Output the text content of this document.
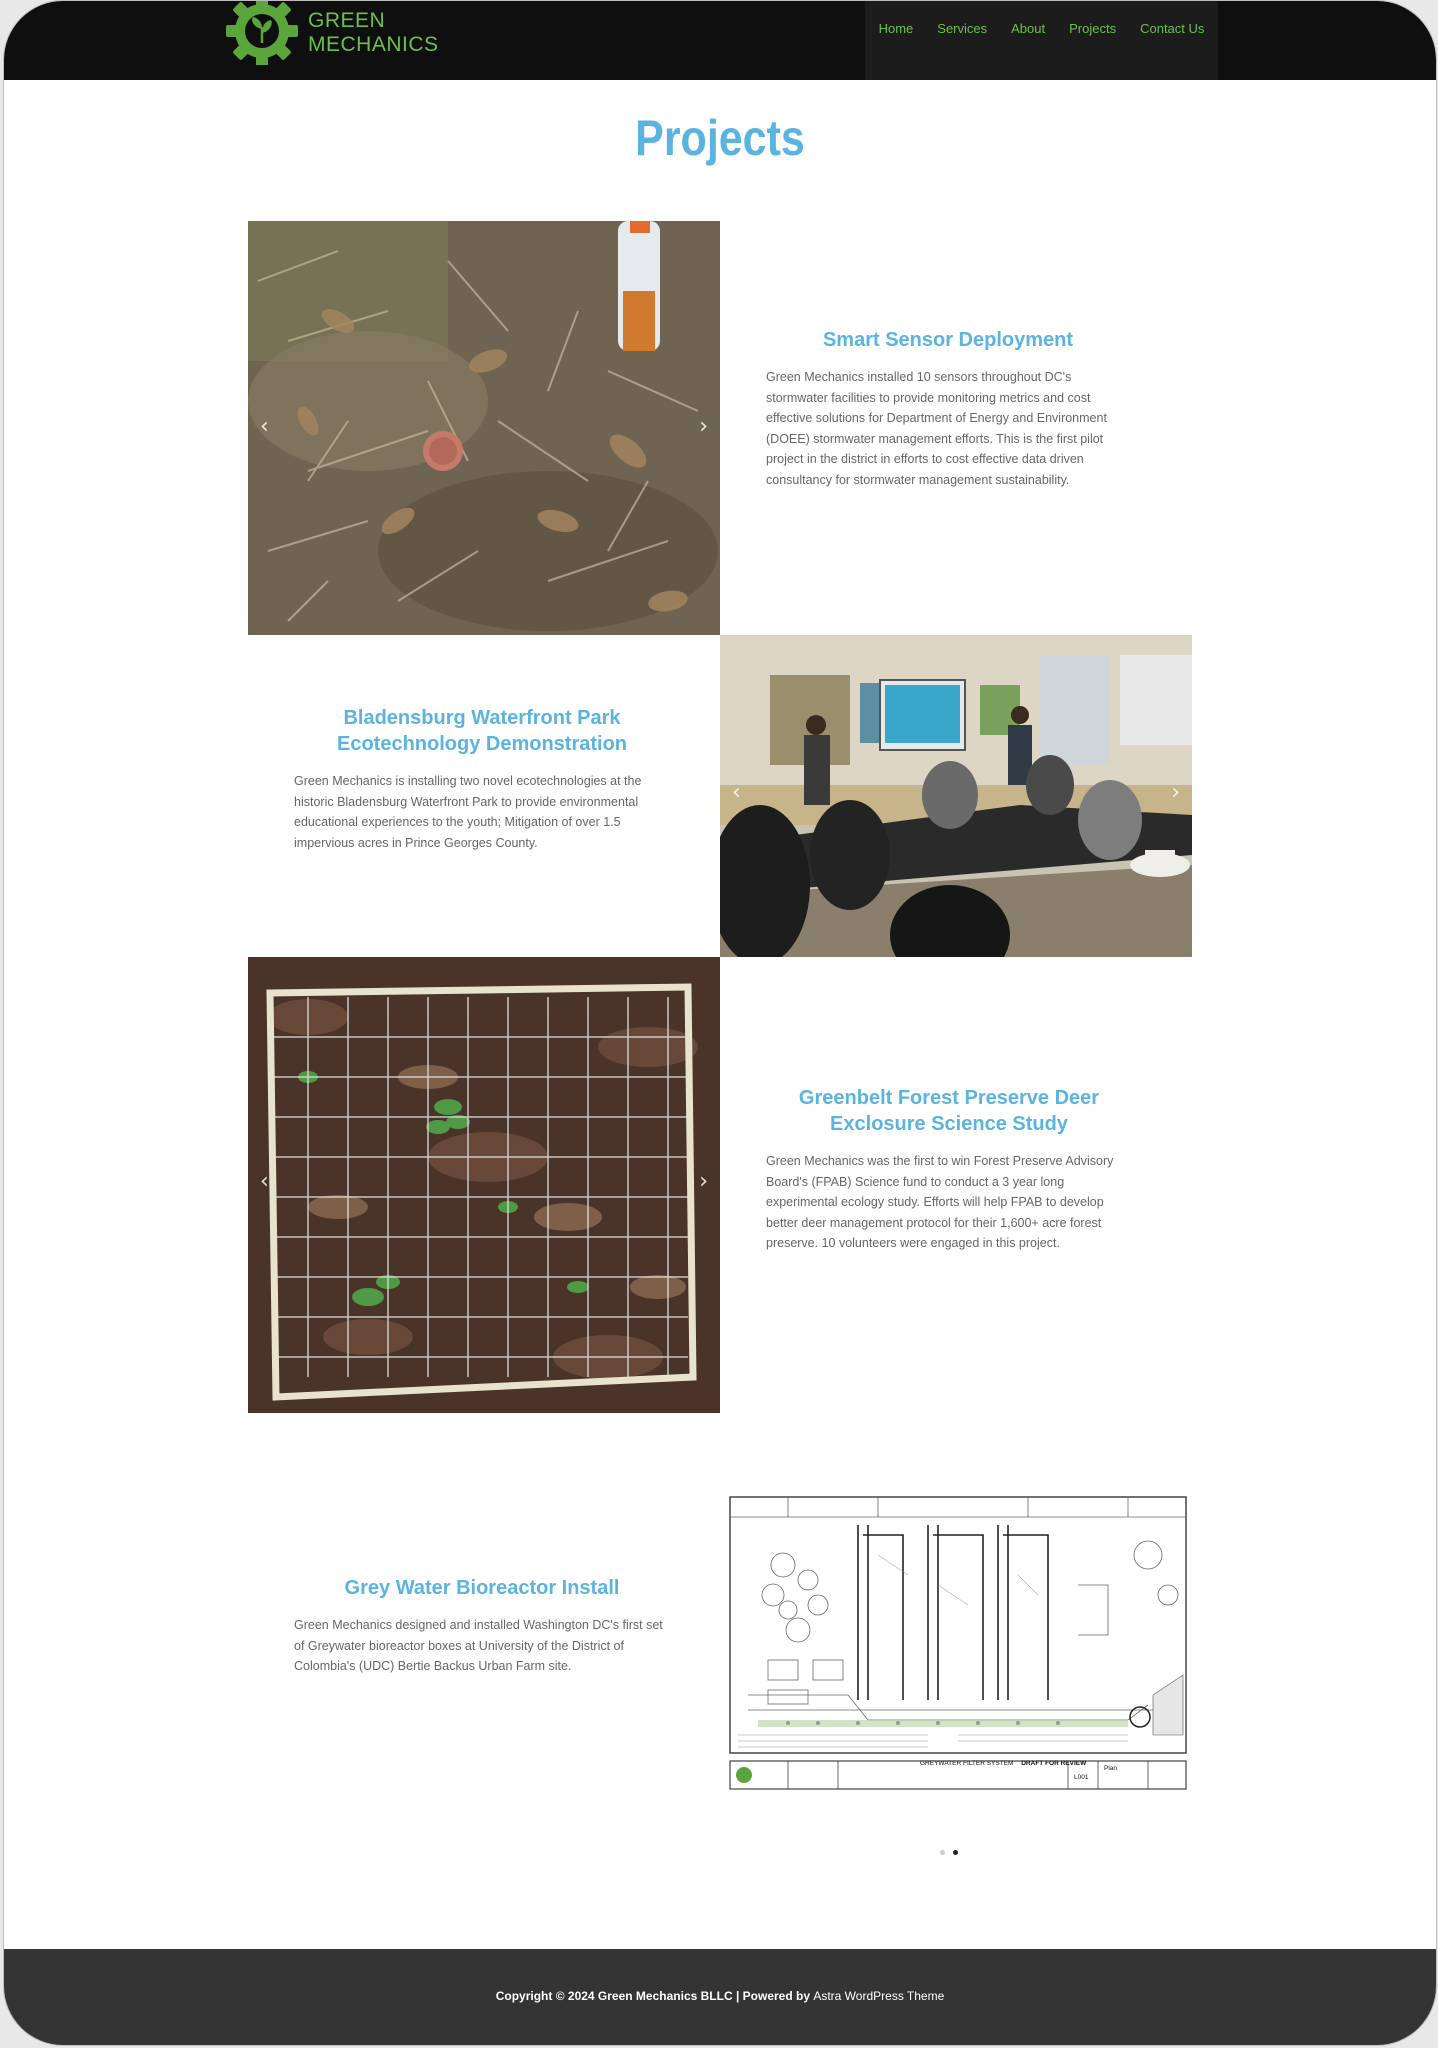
GREEN
MECHANICS
Home	Services	About	Projects	Contact Us
Projects
‹	›
Smart Sensor Deployment

Green Mechanics installed 10 sensors throughout DC's stormwater facilities to provide monitoring metrics and cost effective solutions for Department of Energy and Environment (DOEE) stormwater management efforts. This is the first pilot project in the district in efforts to cost effective data driven consultancy for stormwater management sustainability.

Bladensburg Waterfront Park Ecotechnology Demonstration

Green Mechanics is installing two novel ecotechnologies at the historic Bladensburg Waterfront Park to provide environmental educational experiences to the youth; Mitigation of over 1.5 impervious acres in Prince Georges County.

‹	›
‹	›
Greenbelt Forest Preserve Deer Exclosure Science Study

Green Mechanics was the first to win Forest Preserve Advisory Board's (FPAB) Science fund to conduct a 3 year long experimental ecology study. Efforts will help FPAB to develop better deer management protocol for their 1,600+ acre forest preserve. 10 volunteers were engaged in this project.

Grey Water Bioreactor Install

Green Mechanics designed and installed Washington DC's first set of Greywater bioreactor boxes at University of the District of Colombia's (UDC) Bertie Backus Urban Farm site.

GREYWATER FILTER SYSTEM DRAFT FOR REVIEW
L001
Plan
Copyright © 2024 Green Mechanics BLLC | Powered by Astra WordPress Theme
